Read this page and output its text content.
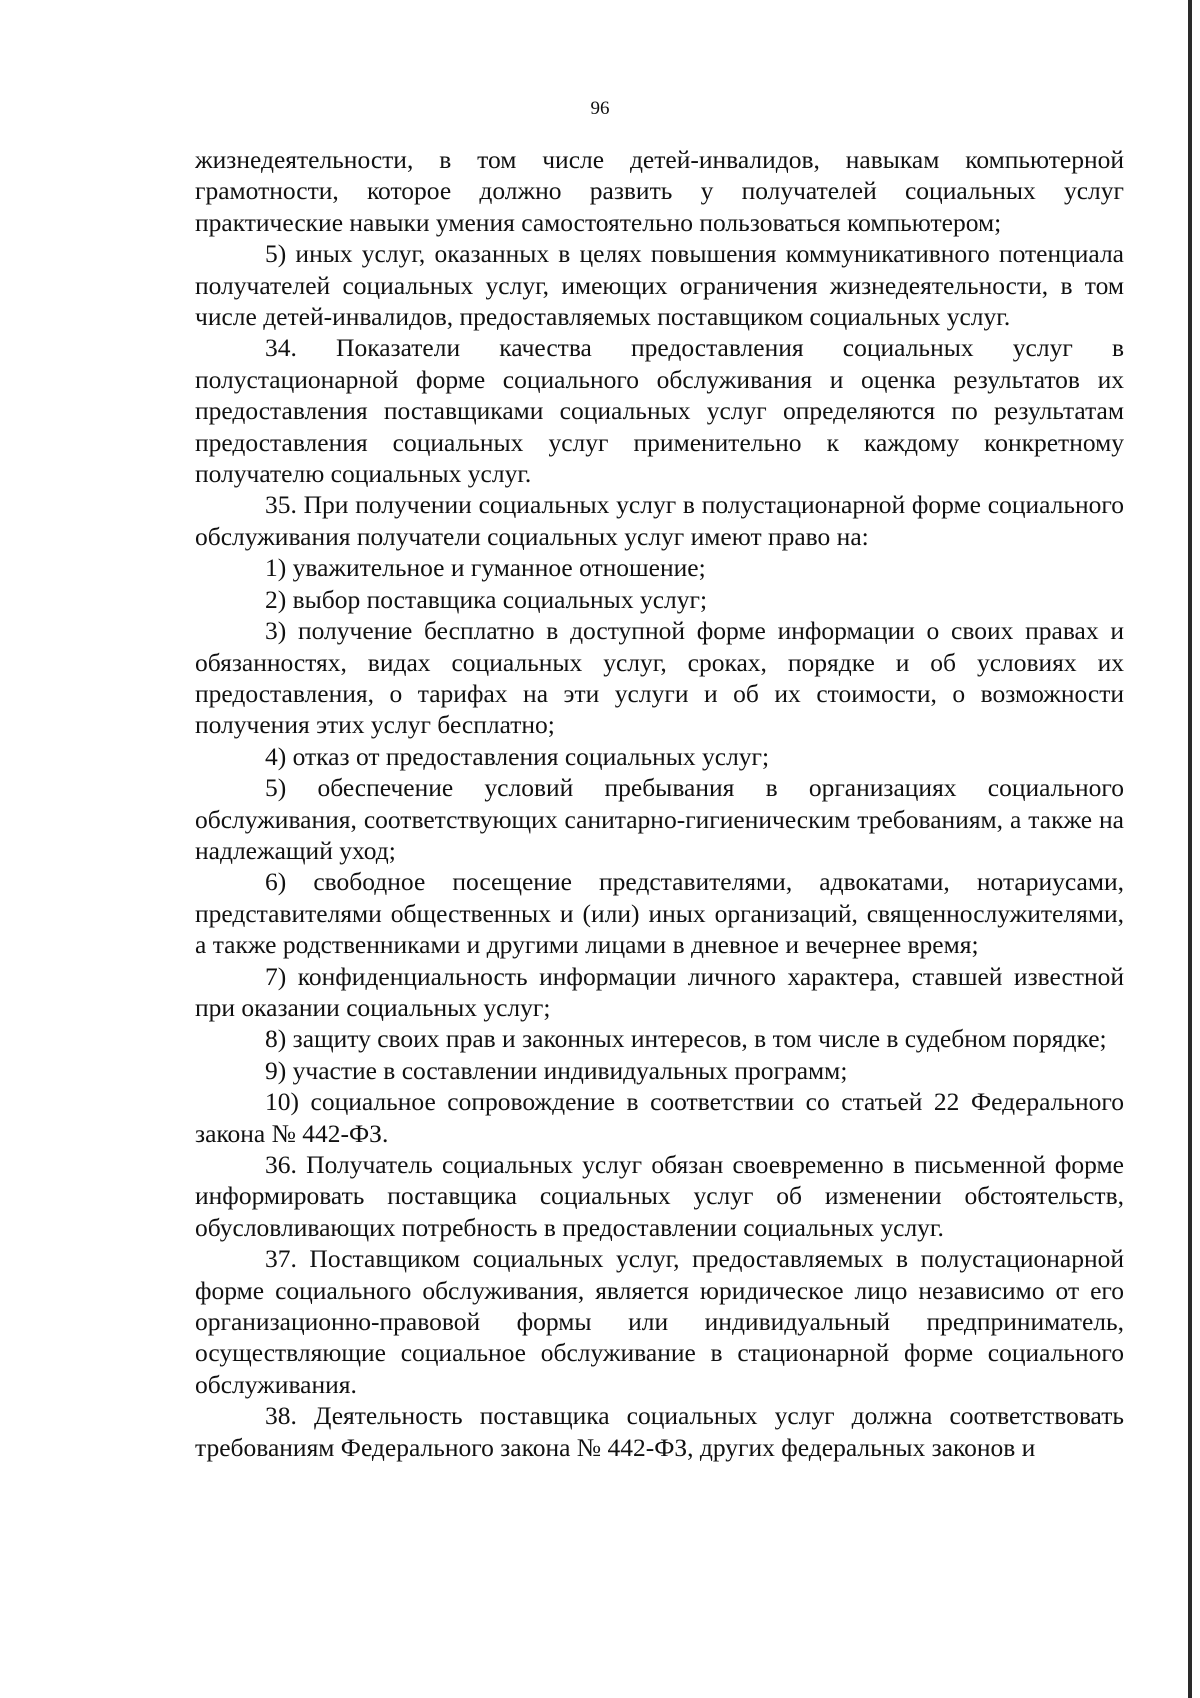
96

жизнедеятельности, в том числе детей-инвалидов, навыкам компьютерной грамотности, которое должно развить у получателей социальных услуг практические навыки умения самостоятельно пользоваться компьютером;

5) иных услуг, оказанных в целях повышения коммуникативного потенциала получателей социальных услуг, имеющих ограничения жизнедеятельности, в том числе детей-инвалидов, предоставляемых поставщиком социальных услуг.

34. Показатели качества предоставления социальных услуг в полустационарной форме социального обслуживания и оценка результатов их предоставления поставщиками социальных услуг определяются по результатам предоставления социальных услуг применительно к каждому конкретному получателю социальных услуг.

35. При получении социальных услуг в полустационарной форме социального обслуживания получатели социальных услуг имеют право на:

1) уважительное и гуманное отношение;

2) выбор поставщика социальных услуг;

3) получение бесплатно в доступной форме информации о своих правах и обязанностях, видах социальных услуг, сроках, порядке и об условиях их предоставления, о тарифах на эти услуги и об их стоимости, о возможности получения этих услуг бесплатно;

4) отказ от предоставления социальных услуг;

5) обеспечение условий пребывания в организациях социального обслуживания, соответствующих санитарно-гигиеническим требованиям, а также на надлежащий уход;

6) свободное посещение представителями, адвокатами, нотариусами, представителями общественных и (или) иных организаций, священнослужителями, а также родственниками и другими лицами в дневное и вечернее время;

7) конфиденциальность информации личного характера, ставшей известной при оказании социальных услуг;

8) защиту своих прав и законных интересов, в том числе в судебном порядке;

9) участие в составлении индивидуальных программ;

10) социальное сопровождение в соответствии со статьей 22 Федерального закона № 442-ФЗ.

36. Получатель социальных услуг обязан своевременно в письменной форме информировать поставщика социальных услуг об изменении обстоятельств, обусловливающих потребность в предоставлении социальных услуг.

37. Поставщиком социальных услуг, предоставляемых в полустационарной форме социального обслуживания, является юридическое лицо независимо от его организационно-правовой формы или индивидуальный предприниматель, осуществляющие социальное обслуживание в стационарной форме социального обслуживания.

38. Деятельность поставщика социальных услуг должна соответствовать требованиям Федерального закона № 442-ФЗ, других федеральных законов и
